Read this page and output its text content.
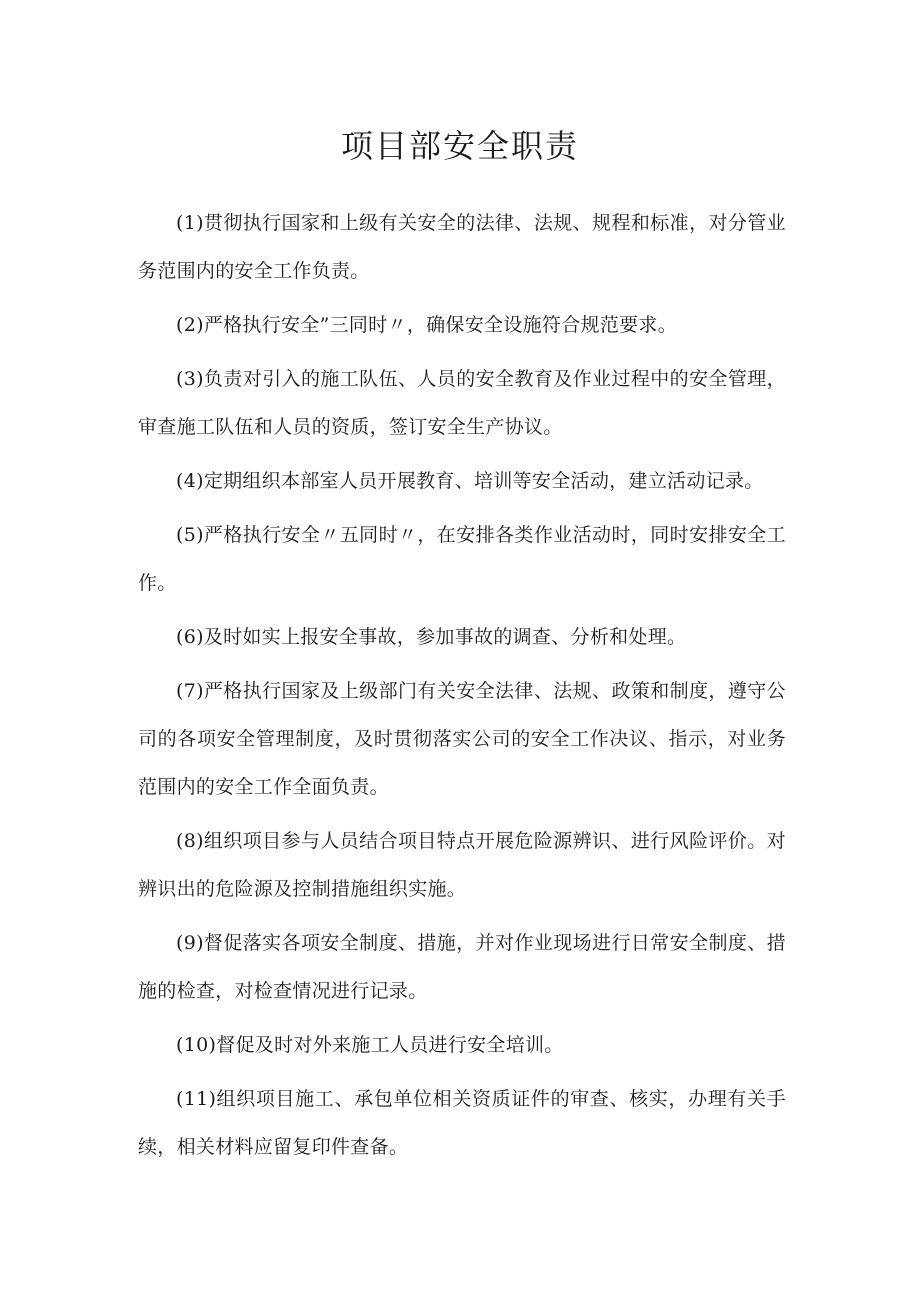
项目部安全职责

(1)贯彻执行国家和上级有关安全的法律、法规、规程和标准，对分管业务范围内的安全工作负责。

(2)严格执行安全”三同时〃，确保安全设施符合规范要求。

(3)负责对引入的施工队伍、人员的安全教育及作业过程中的安全管理，审查施工队伍和人员的资质，签订安全生产协议。

(4)定期组织本部室人员开展教育、培训等安全活动，建立活动记录。

(5)严格执行安全〃五同时〃，在安排各类作业活动时，同时安排安全工作。

(6)及时如实上报安全事故，参加事故的调查、分析和处理。

(7)严格执行国家及上级部门有关安全法律、法规、政策和制度，遵守公司的各项安全管理制度，及时贯彻落实公司的安全工作决议、指示，对业务范围内的安全工作全面负责。

(8)组织项目参与人员结合项目特点开展危险源辨识、进行风险评价。对辨识出的危险源及控制措施组织实施。

(9)督促落实各项安全制度、措施，并对作业现场进行日常安全制度、措施的检查，对检查情况进行记录。

(10)督促及时对外来施工人员进行安全培训。

(11)组织项目施工、承包单位相关资质证件的审查、核实，办理有关手续，相关材料应留复印件查备。
